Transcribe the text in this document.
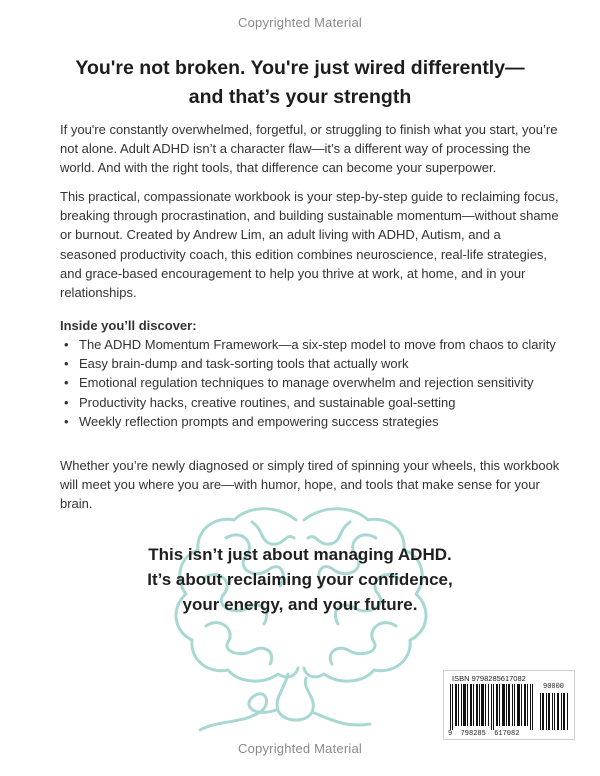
Copyrighted Material
You're not broken. You're just wired differently—
and that’s your strength

If you're constantly overwhelmed, forgetful, or struggling to finish what you start, you’re not alone. Adult ADHD isn’t a character flaw—it’s a different way of processing the world. And with the right tools, that difference can become your superpower.

This practical, compassionate workbook is your step-by-step guide to reclaiming focus, breaking through procrastination, and building sustainable momentum—without shame or burnout. Created by Andrew Lim, an adult living with ADHD, Autism, and a seasoned productivity coach, this edition combines neuroscience, real-life strategies, and grace-based encouragement to help you thrive at work, at home, and in your relationships.

Inside you’ll discover:
• The ADHD Momentum Framework—a six-step model to move from chaos to clarity
• Easy brain-dump and task-sorting tools that actually work
• Emotional regulation techniques to manage overwhelm and rejection sensitivity
• Productivity hacks, creative routines, and sustainable goal-setting
• Weekly reflection prompts and empowering success strategies

Whether you’re newly diagnosed or simply tired of spinning your wheels, this workbook will meet you where you are—with humor, hope, and tools that make sense for your brain.

This isn’t just about managing ADHD.
It’s about reclaiming your confidence,
your energy, and your future.
ISBN 9798285617082
90000
9  798285  617082
Copyrighted Material
